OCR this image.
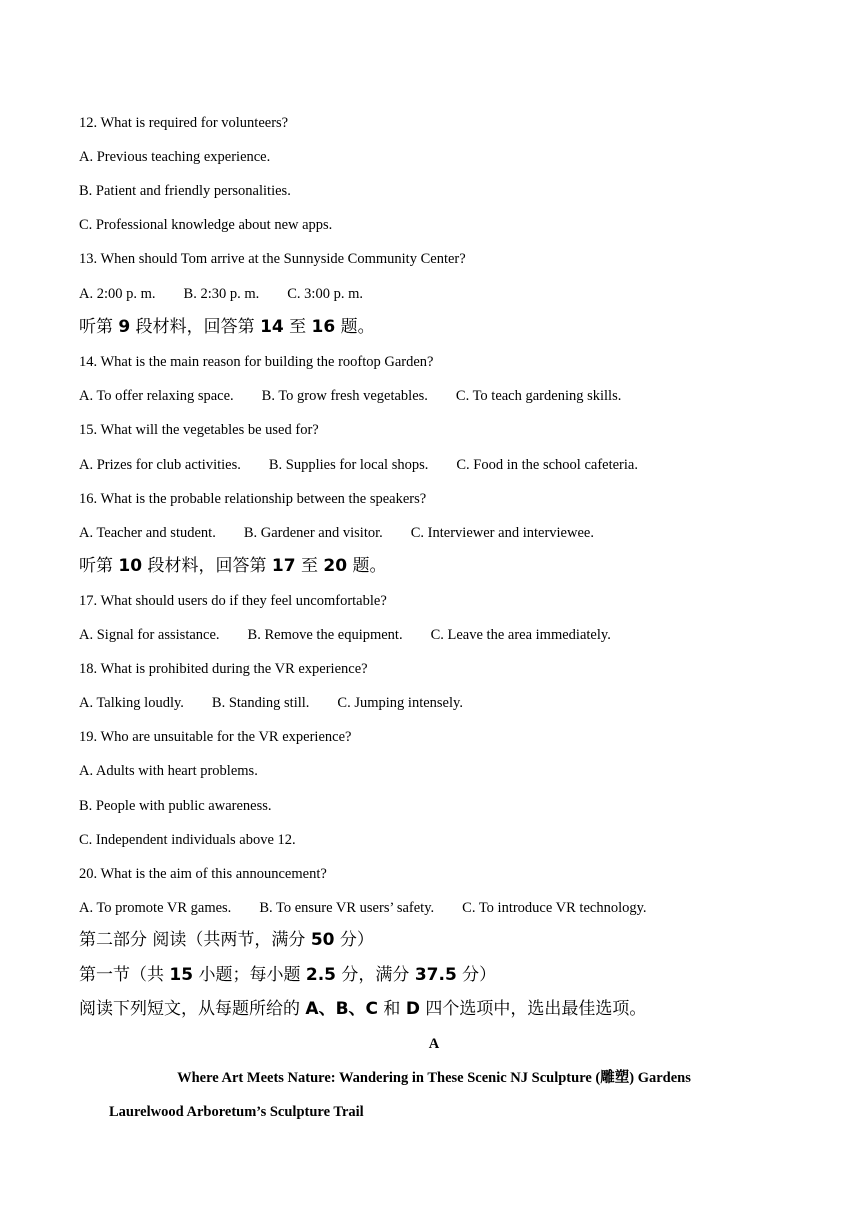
12. What is required for volunteers?
A. Previous teaching experience.
B. Patient and friendly personalities.
C. Professional knowledge about new apps.
13. When should Tom arrive at the Sunnyside Community Center?
A. 2:00 p. m. B. 2:30 p. m. C. 3:00 p. m.
听第 9 段材料，回答第 14 至 16 题。
14. What is the main reason for building the rooftop Garden?
A. To offer relaxing space. B. To grow fresh vegetables. C. To teach gardening skills.
15. What will the vegetables be used for?
A. Prizes for club activities. B. Supplies for local shops. C. Food in the school cafeteria.
16. What is the probable relationship between the speakers?
A. Teacher and student. B. Gardener and visitor. C. Interviewer and interviewee.
听第 10 段材料，回答第 17 至 20 题。
17. What should users do if they feel uncomfortable?
A. Signal for assistance. B. Remove the equipment. C. Leave the area immediately.
18. What is prohibited during the VR experience?
A. Talking loudly. B. Standing still. C. Jumping intensely.
19. Who are unsuitable for the VR experience?
A. Adults with heart problems.
B. People with public awareness.
C. Independent individuals above 12.
20. What is the aim of this announcement?
A. To promote VR games. B. To ensure VR users’ safety. C. To introduce VR technology.
第二部分 阅读（共两节，满分 50 分）
第一节（共 15 小题；每小题 2.5 分，满分 37.5 分）
阅读下列短文，从每题所给的 A、B、C 和 D 四个选项中，选出最佳选项。
A
Where Art Meets Nature: Wandering in These Scenic NJ Sculpture (雕塑) Gardens
Laurelwood Arboretum’s Sculpture Trail
